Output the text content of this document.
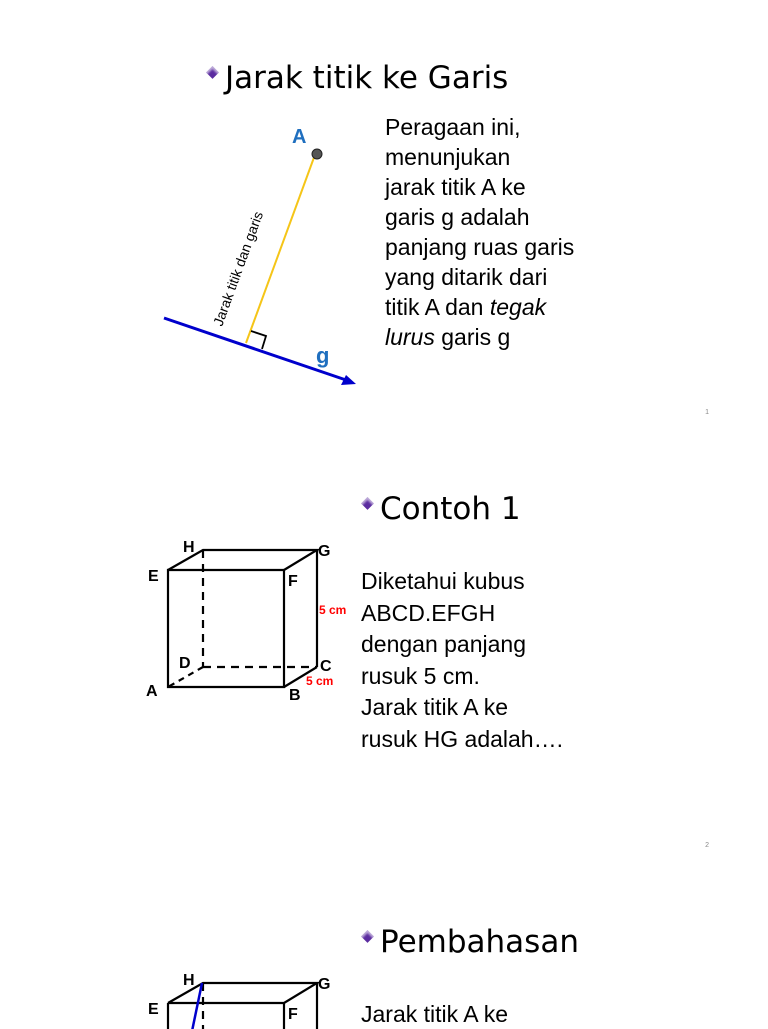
Jarak titik ke Garis
A
g
Jarak titik dan garis
Peragaan ini,
menunjukan
jarak titik A ke
garis g adalah
panjang ruas garis
yang ditarik dari
titik A dan tegak
lurus garis g
1
Contoh 1
H	G
E	F
D	C
A	B
5 cm
5 cm
Diketahui kubus
ABCD.EFGH
dengan panjang
rusuk 5 cm.
Jarak titik A ke
rusuk HG adalah….
2
Pembahasan
H	G
E	F	Jarak titik A ke
